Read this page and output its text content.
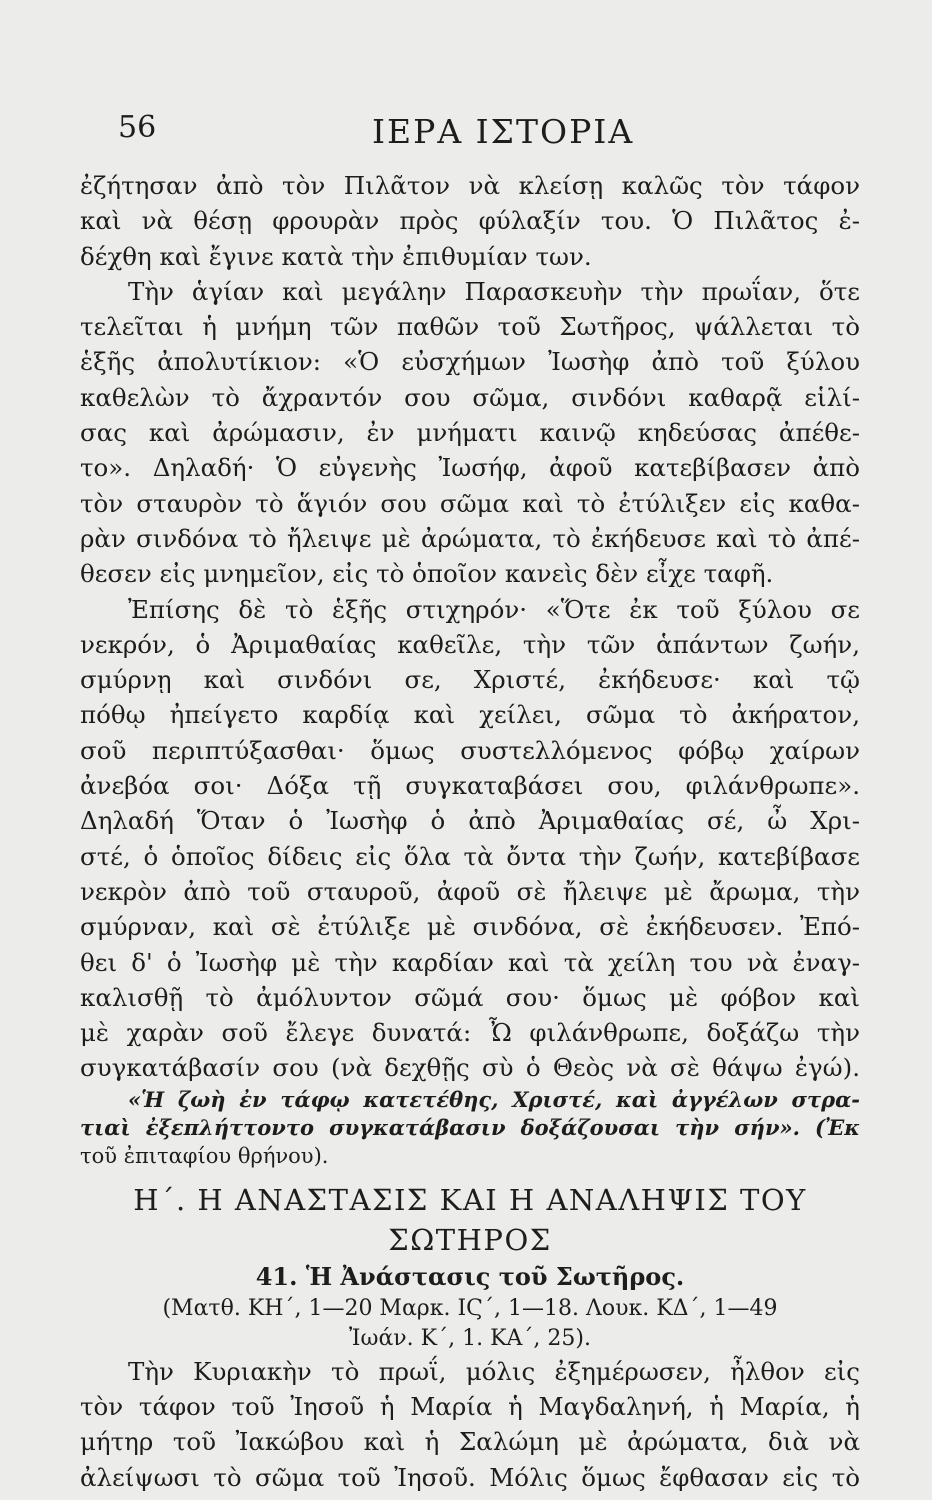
56	ΙΕΡΑ ΙΣΤΟΡΙΑ
ἐζήτησαν ἀπὸ τὸν Πιλᾶτον νὰ κλείσῃ καλῶς τὸν τάφον
καὶ νὰ θέσῃ φρουρὰν πρὸς φύλαξίν του. Ὁ Πιλᾶτος ἐ-
δέχθη καὶ ἔγινε κατὰ τὴν ἐπιθυμίαν των.
Τὴν ἁγίαν καὶ μεγάλην Παρασκευὴν τὴν πρωΐαν, ὅτε
τελεῖται ἡ μνήμη τῶν παθῶν τοῦ Σωτῆρος, ψάλλεται τὸ
ἑξῆς ἀπολυτίκιον: «Ὁ εὐσχήμων Ἰωσὴφ ἀπὸ τοῦ ξύλου
καθελὼν τὸ ἄχραντόν σου σῶμα, σινδόνι καθαρᾷ εἱλί-
σας καὶ ἀρώμασιν, ἐν μνήματι καινῷ κηδεύσας ἀπέθε-
το». Δηλαδή· Ὁ εὐγενὴς Ἰωσήφ, ἀφοῦ κατεβίβασεν ἀπὸ
τὸν σταυρὸν τὸ ἅγιόν σου σῶμα καὶ τὸ ἐτύλιξεν εἰς καθα-
ρὰν σινδόνα τὸ ἤλειψε μὲ ἀρώματα, τὸ ἐκήδευσε καὶ τὸ ἀπέ-
θεσεν εἰς μνημεῖον, εἰς τὸ ὁποῖον κανεὶς δὲν εἶχε ταφῆ.
Ἐπίσης δὲ τὸ ἑξῆς στιχηρόν· «Ὅτε ἐκ τοῦ ξύλου σε
νεκρόν, ὁ Ἀριμαθαίας καθεῖλε, τὴν τῶν ἁπάντων ζωήν,
σμύρνῃ καὶ σινδόνι σε, Χριστέ, ἐκήδευσε· καὶ τῷ
πόθῳ ἠπείγετο καρδίᾳ καὶ χείλει, σῶμα τὸ ἀκήρατον,
σοῦ περιπτύξασθαι· ὅμως συστελλόμενος φόβῳ χαίρων
ἀνεβόα σοι· Δόξα τῇ συγκαταβάσει σου, φιλάνθρωπε».
Δηλαδή Ὅταν ὁ Ἰωσὴφ ὁ ἀπὸ Ἀριμαθαίας σέ, ὦ Χρι-
στέ, ὁ ὁποῖος δίδεις εἰς ὅλα τὰ ὄντα τὴν ζωήν, κατεβίβασε
νεκρὸν ἀπὸ τοῦ σταυροῦ, ἀφοῦ σὲ ἤλειψε μὲ ἄρωμα, τὴν
σμύρναν, καὶ σὲ ἐτύλιξε μὲ σινδόνα, σὲ ἐκήδευσεν. Ἐπό-
θει δ' ὁ Ἰωσὴφ μὲ τὴν καρδίαν καὶ τὰ χείλη του νὰ ἐναγ-
καλισθῇ τὸ ἀμόλυντον σῶμά σου· ὅμως μὲ φόβον καὶ
μὲ χαρὰν σοῦ ἔλεγε δυνατά: Ὦ φιλάνθρωπε, δοξάζω τὴν
συγκατάβασίν σου (νὰ δεχθῇς σὺ ὁ Θεὸς νὰ σὲ θάψω ἐγώ).
«Ἡ ζωὴ ἐν τάφῳ κατετέθης, Χριστέ, καὶ ἀγγέλων στρα-
τιαὶ ἐξεπλήττοντο συγκατάβασιν δοξάζουσαι τὴν σήν». (Ἐκ
τοῦ ἐπιταφίου θρήνου).
Η΄. Η ΑΝΑΣΤΑΣΙΣ ΚΑΙ Η ΑΝΑΛΗΨΙΣ ΤΟΥ
ΣΩΤΗΡΟΣ
41. Ἡ Ἀνάστασις τοῦ Σωτῆρος.
(Ματθ. ΚΗ΄, 1—20 Μαρκ. ΙϚ΄, 1—18. Λουκ. ΚΔ΄, 1—49
Ἰωάν. Κ΄, 1. ΚΑ΄, 25).
Τὴν Κυριακὴν τὸ πρωΐ, μόλις ἐξημέρωσεν, ἦλθον εἰς
τὸν τάφον τοῦ Ἰησοῦ ἡ Μαρία ἡ Μαγδαληνή, ἡ Μαρία, ἡ
μήτηρ τοῦ Ἰακώβου καὶ ἡ Σαλώμη μὲ ἀρώματα, διὰ νὰ
ἀλείψωσι τὸ σῶμα τοῦ Ἰησοῦ. Μόλις ὅμως ἔφθασαν εἰς τὸ
